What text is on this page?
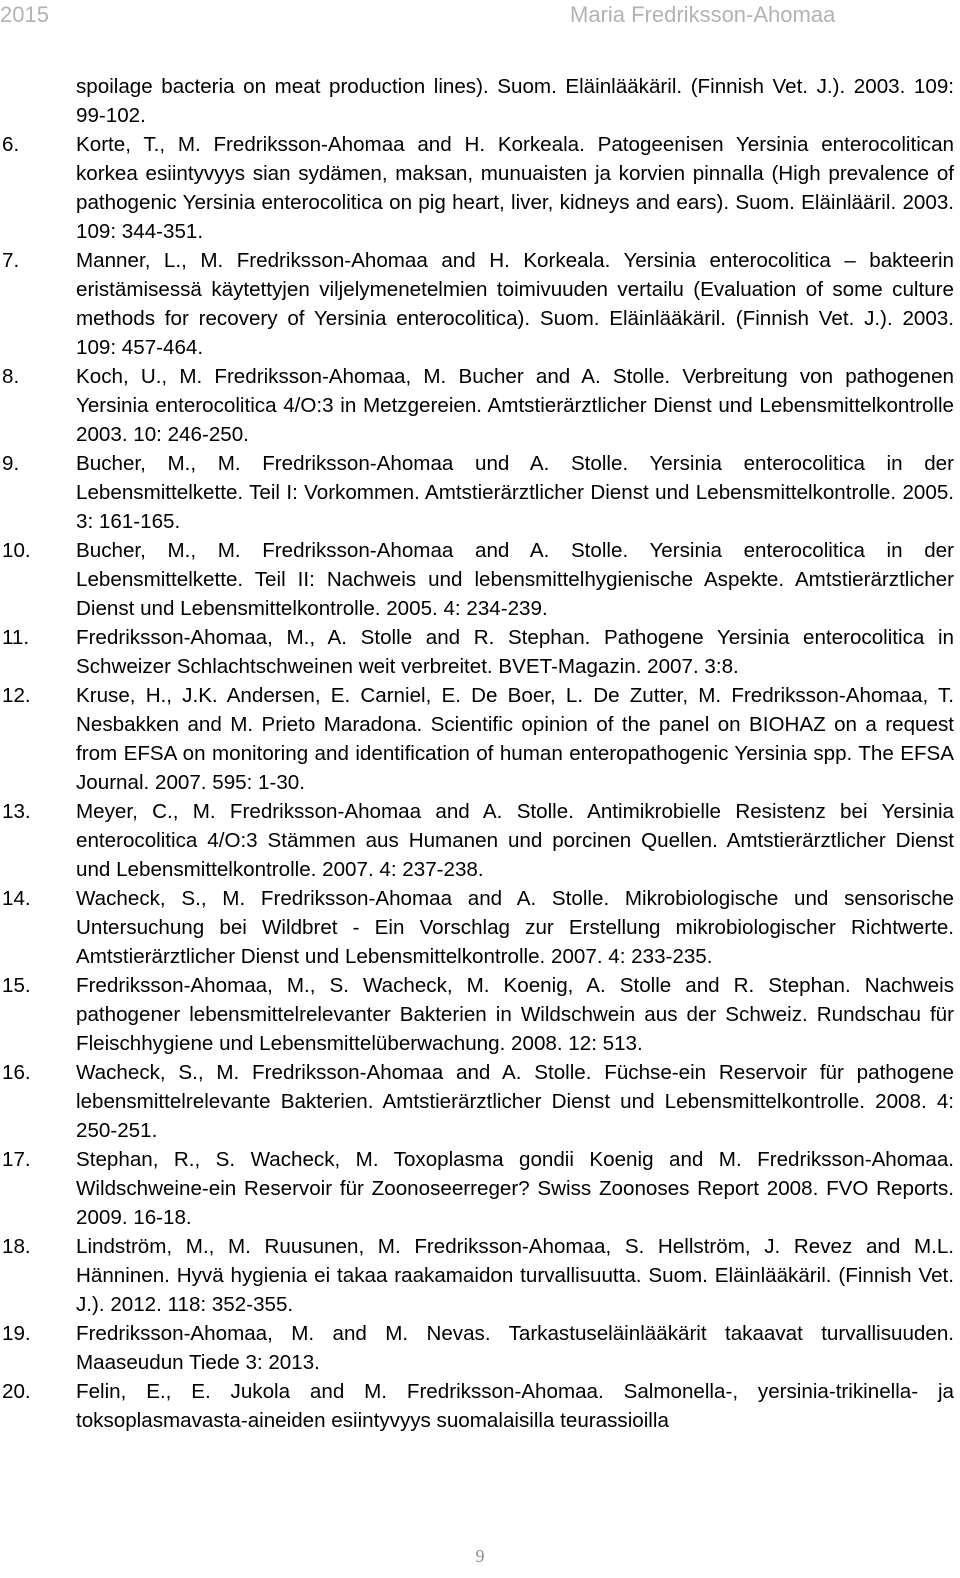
2015	Maria Fredriksson-Ahomaa
spoilage bacteria on meat production lines). Suom. Eläinlääkäril. (Finnish Vet. J.). 2003. 109: 99-102.
6.	Korte, T., M. Fredriksson-Ahomaa and H. Korkeala. Patogeenisen Yersinia enterocolitican korkea esiintyvyys sian sydämen, maksan, munuaisten ja korvien pinnalla (High prevalence of pathogenic Yersinia enterocolitica on pig heart, liver, kidneys and ears). Suom. Eläinlääril. 2003. 109: 344-351.
7.	Manner, L., M. Fredriksson-Ahomaa and H. Korkeala. Yersinia enterocolitica – bakteerin eristämisessä käytettyjen viljelymenetelmien toimivuuden vertailu (Evaluation of some culture methods for recovery of Yersinia enterocolitica). Suom. Eläinlääkäril. (Finnish Vet. J.). 2003. 109: 457-464.
8.	Koch, U., M. Fredriksson-Ahomaa, M. Bucher and A. Stolle. Verbreitung von pathogenen Yersinia enterocolitica 4/O:3 in Metzgereien. Amtstierärztlicher Dienst und Lebensmittelkontrolle 2003. 10: 246-250.
9.	Bucher, M., M. Fredriksson-Ahomaa und A. Stolle. Yersinia enterocolitica in der Lebensmittelkette. Teil I: Vorkommen. Amtstierärztlicher Dienst und Lebensmittelkontrolle. 2005. 3: 161-165.
10. Bucher, M., M. Fredriksson-Ahomaa and A. Stolle. Yersinia enterocolitica in der Lebensmittelkette. Teil II: Nachweis und lebensmittelhygienische Aspekte. Amtstierärztlicher Dienst und Lebensmittelkontrolle. 2005. 4: 234-239.
11. Fredriksson-Ahomaa, M., A. Stolle and R. Stephan. Pathogene Yersinia enterocolitica in Schweizer Schlachtschweinen weit verbreitet. BVET-Magazin. 2007. 3:8.
12. Kruse, H., J.K. Andersen, E. Carniel, E. De Boer, L. De Zutter, M. Fredriksson-Ahomaa, T. Nesbakken and M. Prieto Maradona. Scientific opinion of the panel on BIOHAZ on a request from EFSA on monitoring and identification of human enteropathogenic Yersinia spp. The EFSA Journal. 2007. 595: 1-30.
13. Meyer, C., M. Fredriksson-Ahomaa and A. Stolle. Antimikrobielle Resistenz bei Yersinia enterocolitica 4/O:3 Stämmen aus Humanen und porcinen Quellen. Amtstierärztlicher Dienst und Lebensmittelkontrolle. 2007. 4: 237-238.
14. Wacheck, S., M. Fredriksson-Ahomaa and A. Stolle. Mikrobiologische und sensorische Untersuchung bei Wildbret - Ein Vorschlag zur Erstellung mikrobiologischer Richtwerte. Amtstierärztlicher Dienst und Lebensmittelkontrolle. 2007. 4: 233-235.
15. Fredriksson-Ahomaa, M., S. Wacheck, M. Koenig, A. Stolle and R. Stephan. Nachweis pathogener lebensmittelrelevanter Bakterien in Wildschwein aus der Schweiz. Rundschau für Fleischhygiene und Lebensmittelüberwachung. 2008. 12: 513.
16. Wacheck, S., M. Fredriksson-Ahomaa and A. Stolle. Füchse-ein Reservoir für pathogene lebensmittelrelevante Bakterien. Amtstierärztlicher Dienst und Lebensmittelkontrolle. 2008. 4: 250-251.
17. Stephan, R., S. Wacheck, M. Toxoplasma gondii Koenig and M. Fredriksson-Ahomaa. Wildschweine-ein Reservoir für Zoonoseerreger? Swiss Zoonoses Report 2008. FVO Reports. 2009. 16-18.
18. Lindström, M., M. Ruusunen, M. Fredriksson-Ahomaa, S. Hellström, J. Revez and M.L. Hänninen. Hyvä hygienia ei takaa raakamaidon turvallisuutta. Suom. Eläinlääkäril. (Finnish Vet. J.). 2012. 118: 352-355.
19. Fredriksson-Ahomaa, M. and M. Nevas. Tarkastuseläinlääkärit takaavat turvallisuuden. Maaseudun Tiede 3: 2013.
20. Felin, E., E. Jukola and M. Fredriksson-Ahomaa. Salmonella-, yersinia-trikinella- ja toksoplasmavasta-aineiden esiintyvyys suomalaisilla teurassioilla
9
